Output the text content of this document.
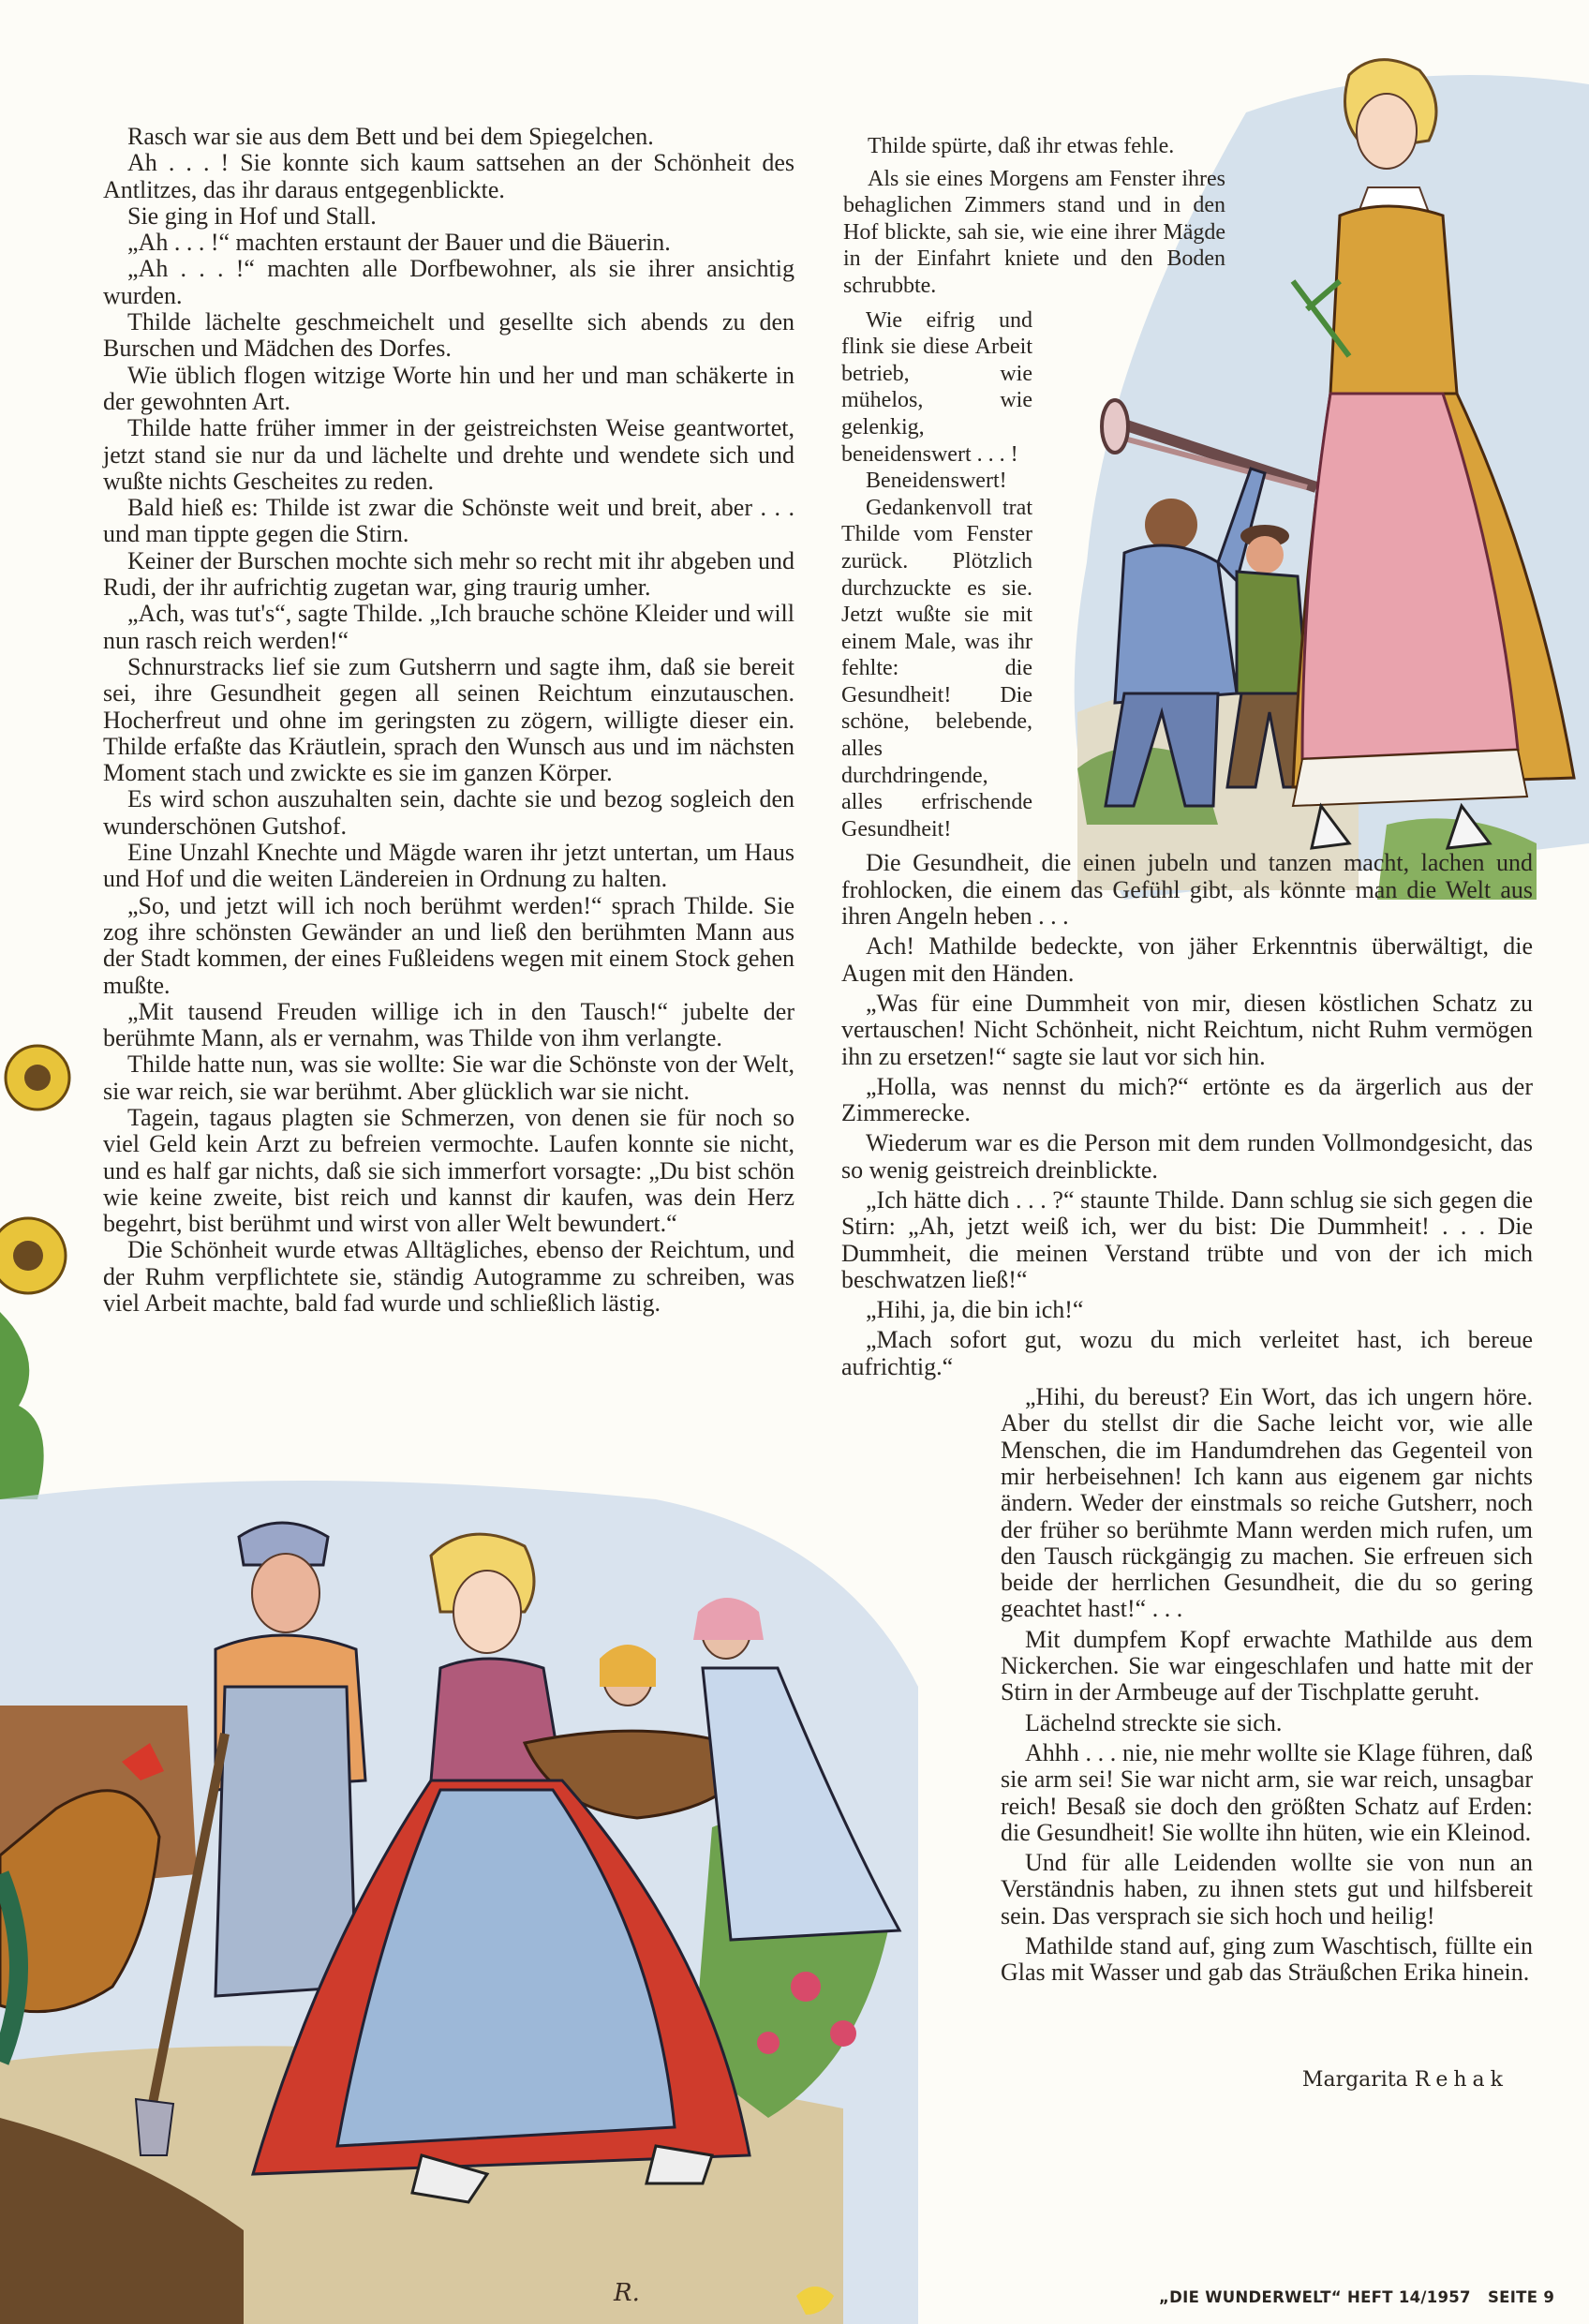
R.

Rasch war sie aus dem Bett und bei dem Spiegelchen.

Ah . . . ! Sie konnte sich kaum sattsehen an der Schönheit des Antlitzes, das ihr daraus entgegenblickte.

Sie ging in Hof und Stall.

„Ah . . . !“ machten erstaunt der Bauer und die Bäuerin.

„Ah . . . !“ machten alle Dorfbewohner, als sie ihrer ansichtig wurden.

Thilde lächelte geschmeichelt und gesellte sich abends zu den Burschen und Mädchen des Dorfes.

Wie üblich flogen witzige Worte hin und her und man schäkerte in der gewohnten Art.

Thilde hatte früher immer in der geistreichsten Weise geantwortet, jetzt stand sie nur da und lächelte und drehte und wendete sich und wußte nichts Gescheites zu reden.

Bald hieß es: Thilde ist zwar die Schönste weit und breit, aber . . . und man tippte gegen die Stirn.

Keiner der Burschen mochte sich mehr so recht mit ihr abgeben und Rudi, der ihr aufrichtig zugetan war, ging traurig umher.

„Ach, was tut's“, sagte Thilde. „Ich brauche schöne Kleider und will nun rasch reich werden!“

Schnurstracks lief sie zum Gutsherrn und sagte ihm, daß sie bereit sei, ihre Gesundheit gegen all seinen Reichtum einzutauschen. Hocherfreut und ohne im geringsten zu zögern, willigte dieser ein. Thilde erfaßte das Kräutlein, sprach den Wunsch aus und im nächsten Moment stach und zwickte es sie im ganzen Körper.

Es wird schon auszuhalten sein, dachte sie und bezog sogleich den wunderschönen Gutshof.

Eine Unzahl Knechte und Mägde waren ihr jetzt untertan, um Haus und Hof und die weiten Ländereien in Ordnung zu halten.

„So, und jetzt will ich noch berühmt werden!“ sprach Thilde. Sie zog ihre schönsten Gewänder an und ließ den berühmten Mann aus der Stadt kommen, der eines Fußleidens wegen mit einem Stock gehen mußte.

„Mit tausend Freuden willige ich in den Tausch!“ jubelte der berühmte Mann, als er vernahm, was Thilde von ihm verlangte.

Thilde hatte nun, was sie wollte: Sie war die Schönste von der Welt, sie war reich, sie war berühmt. Aber glücklich war sie nicht.

Tagein, tagaus plagten sie Schmerzen, von denen sie für noch so viel Geld kein Arzt zu befreien vermochte. Laufen konnte sie nicht, und es half gar nichts, daß sie sich immerfort vorsagte: „Du bist schön wie keine zweite, bist reich und kannst dir kaufen, was dein Herz begehrt, bist berühmt und wirst von aller Welt bewundert.“

Die Schönheit wurde etwas Alltägliches, ebenso der Reichtum, und der Ruhm verpflichtete sie, ständig Autogramme zu schreiben, was viel Arbeit machte, bald fad wurde und schließlich lästig.

Thilde spürte, daß ihr etwas fehle.

Als sie eines Morgens am Fenster ihres behaglichen Zimmers stand und in den Hof blickte, sah sie, wie eine ihrer Mägde in der Einfahrt kniete und den Boden schrubbte.

Wie eifrig und flink sie diese Arbeit betrieb, wie mühelos, wie gelenkig, beneidenswert . . . !

Beneidenswert!

Gedankenvoll trat Thilde vom Fenster zurück. Plötzlich durchzuckte es sie. Jetzt wußte sie mit einem Male, was ihr fehlte: die Gesundheit! Die schöne, belebende, alles durchdringende, alles erfrischende Gesundheit!

Die Gesundheit, die einen jubeln und tanzen macht, lachen und frohlocken, die einem das Gefühl gibt, als könnte man die Welt aus ihren Angeln heben . . .

Ach! Mathilde bedeckte, von jäher Erkenntnis überwältigt, die Augen mit den Händen.

„Was für eine Dummheit von mir, diesen köstlichen Schatz zu vertauschen! Nicht Schönheit, nicht Reichtum, nicht Ruhm vermögen ihn zu ersetzen!“ sagte sie laut vor sich hin.

„Holla, was nennst du mich?“ ertönte es da ärgerlich aus der Zimmerecke.

Wiederum war es die Person mit dem runden Vollmondgesicht, das so wenig geistreich dreinblickte.

„Ich hätte dich . . . ?“ staunte Thilde. Dann schlug sie sich gegen die Stirn: „Ah, jetzt weiß ich, wer du bist: Die Dummheit! . . . Die Dummheit, die meinen Verstand trübte und von der ich mich beschwatzen ließ!“

„Hihi, ja, die bin ich!“

„Mach sofort gut, wozu du mich verleitet hast, ich bereue aufrichtig.“

„Hihi, du bereust? Ein Wort, das ich ungern höre. Aber du stellst dir die Sache leicht vor, wie alle Menschen, die im Handumdrehen das Gegenteil von mir herbeisehnen! Ich kann aus eigenem gar nichts ändern. Weder der einstmals so reiche Gutsherr, noch der früher so berühmte Mann werden mich rufen, um den Tausch rückgängig zu machen. Sie erfreuen sich beide der herrlichen Gesundheit, die du so gering geachtet hast!“ . . .

Mit dumpfem Kopf erwachte Mathilde aus dem Nickerchen. Sie war eingeschlafen und hatte mit der Stirn in der Armbeuge auf der Tischplatte geruht.

Lächelnd streckte sie sich.

Ahhh . . . nie, nie mehr wollte sie Klage führen, daß sie arm sei! Sie war nicht arm, sie war reich, unsagbar reich! Besaß sie doch den größten Schatz auf Erden: die Gesundheit! Sie wollte ihn hüten, wie ein Kleinod.

Und für alle Leidenden wollte sie von nun an Verständnis haben, zu ihnen stets gut und hilfsbereit sein. Das versprach sie sich hoch und heilig!

Mathilde stand auf, ging zum Waschtisch, füllte ein Glas mit Wasser und gab das Sträußchen Erika hinein.

Margarita Rehak
„DIE WUNDERWELT“ HEFT 14/1957   SEITE 9
